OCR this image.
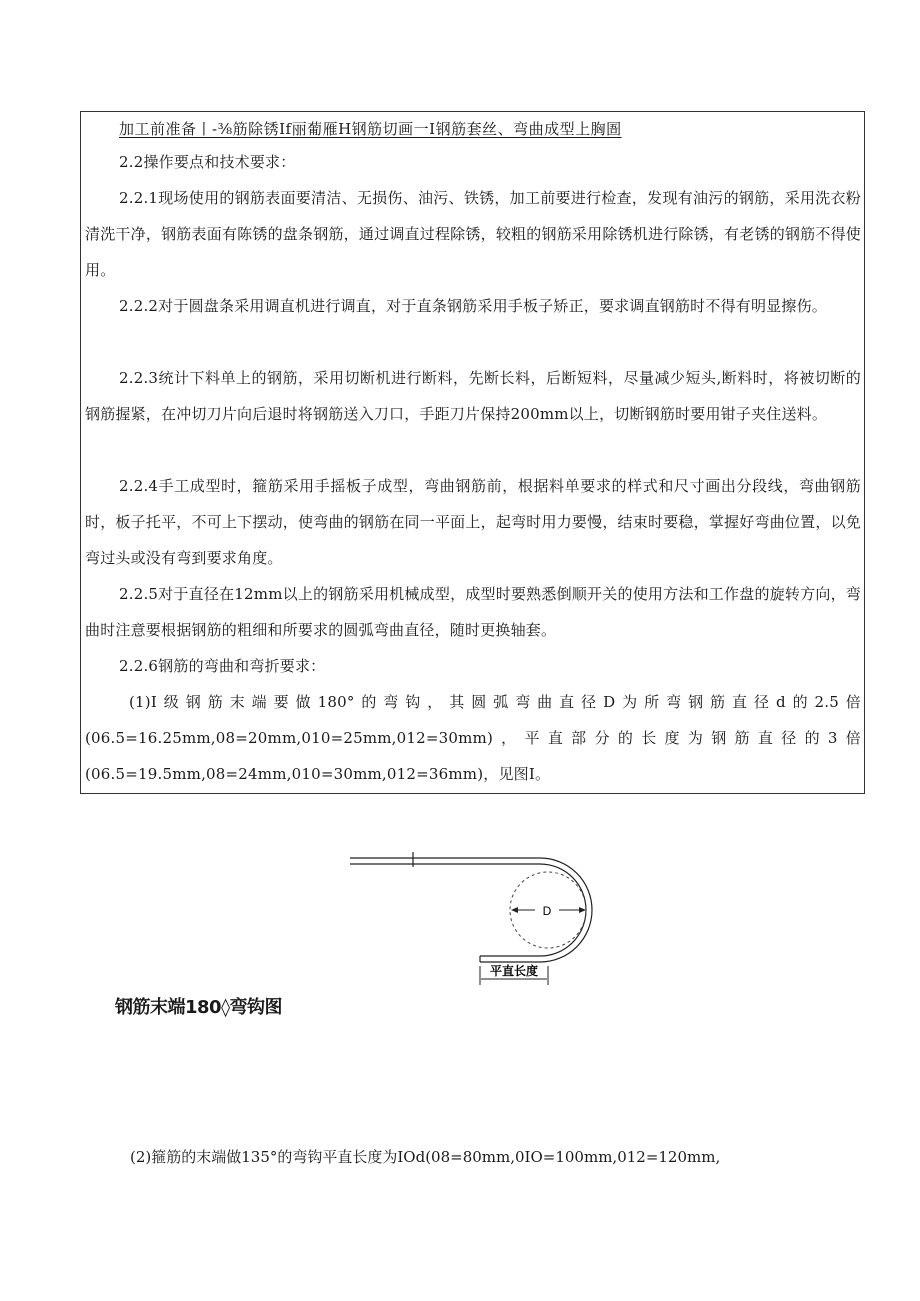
加工前准备丨-⅜筋除锈If丽葡雁H钢筋切画一I钢筋套丝、弯曲成型上胸圄
2.2操作要点和技术要求：
2.2.1现场使用的钢筋表面要清洁、无损伤、油污、铁锈，加工前要进行检查，发现有油污的钢筋，采用洗衣粉清洗干净，钢筋表面有陈锈的盘条钢筋，通过调直过程除锈，较粗的钢筋采用除锈机进行除锈，有老锈的钢筋不得使用。
2.2.2对于圆盘条采用调直机进行调直，对于直条钢筋采用手板子矫正，要求调直钢筋时不得有明显擦伤。
2.2.3统计下料单上的钢筋，采用切断机进行断料，先断长料，后断短料，尽量减少短头,断料时，将被切断的钢筋握紧，在冲切刀片向后退时将钢筋送入刀口，手距刀片保持200mm以上，切断钢筋时要用钳子夹住送料。
2.2.4手工成型时，箍筋采用手摇板子成型，弯曲钢筋前，根据料单要求的样式和尺寸画出分段线，弯曲钢筋时，板子托平，不可上下摆动，使弯曲的钢筋在同一平面上，起弯时用力要慢，结束时要稳，掌握好弯曲位置，以免弯过头或没有弯到要求角度。
2.2.5对于直径在12mm以上的钢筋采用机械成型，成型时要熟悉倒顺开关的使用方法和工作盘的旋转方向，弯曲时注意要根据钢筋的粗细和所要求的圆弧弯曲直径，随时更换轴套。
2.2.6钢筋的弯曲和弯折要求：
(1)I级钢筋末端要做180°的弯钩，其圆弧弯曲直径D为所弯钢筋直径d的2.5倍(06.5=16.25mm,08=20mm,010=25mm,012=30mm)，平直部分的长度为钢筋直径的3倍(06.5=19.5mm,08=24mm,010=30mm,012=36mm)，见图I。
D
平直长度
钢筋末端180◊弯钩图
(2)箍筋的末端做135°的弯钩平直长度为IOd(08=80mm,0IO=100mm,012=120mm,
